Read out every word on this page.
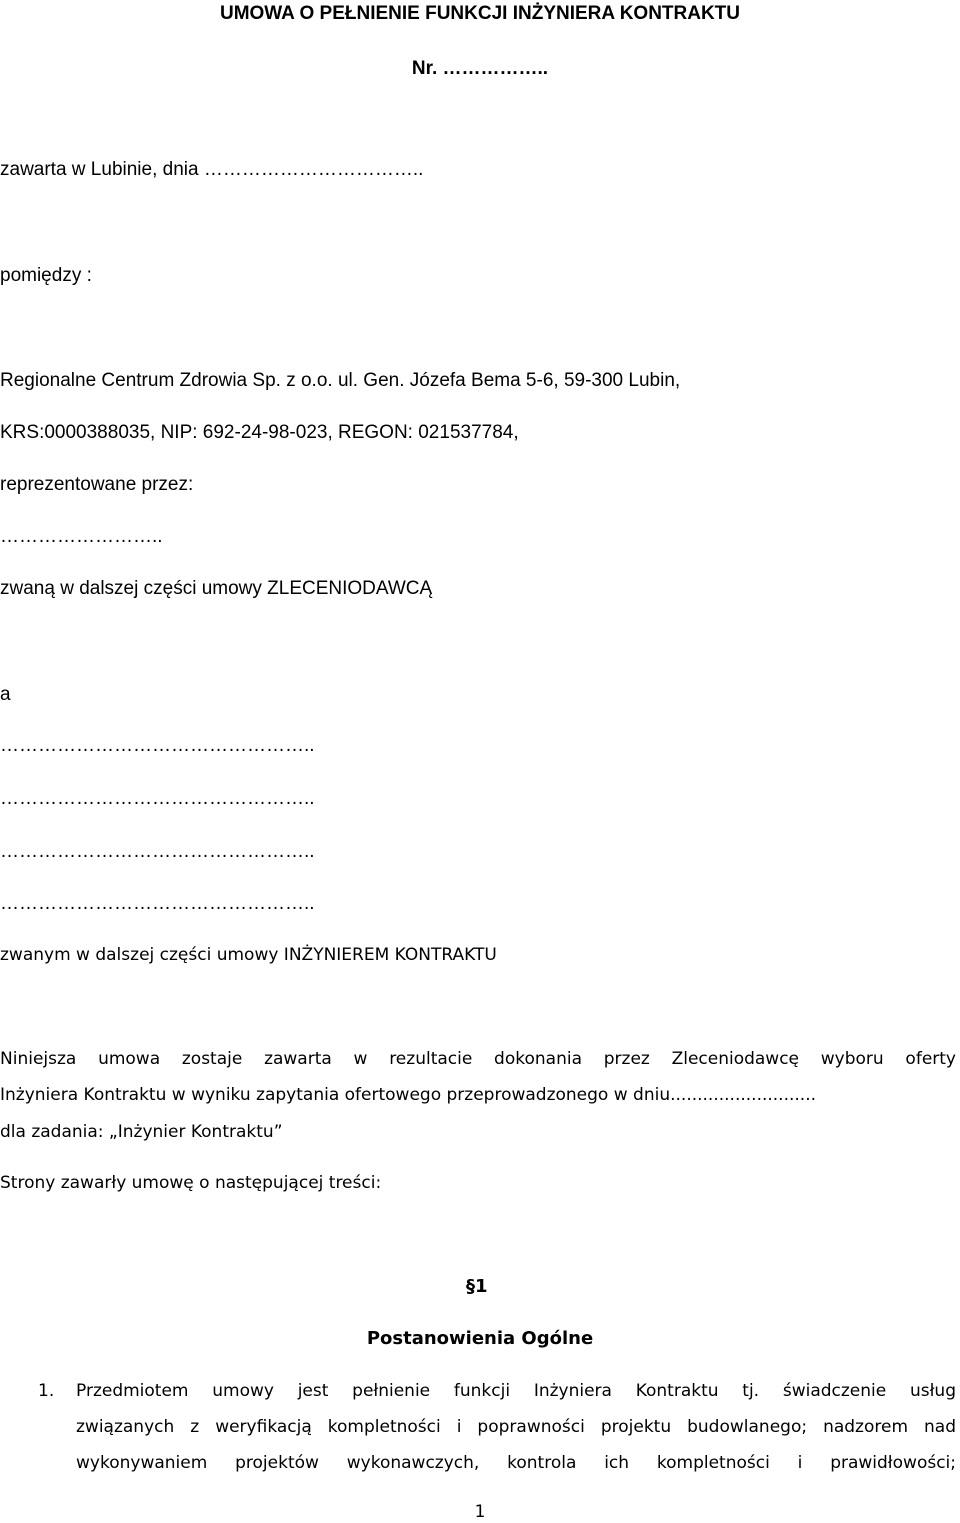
UMOWA O PEŁNIENIE FUNKCJI INŻYNIERA KONTRAKTU
Nr. ……………..
zawarta w Lubinie, dnia ……………………………..
pomiędzy :
Regionalne Centrum Zdrowia Sp. z o.o. ul. Gen. Józefa Bema 5-6, 59-300 Lubin,
KRS:0000388035, NIP: 692-24-98-023, REGON: 021537784,
reprezentowane przez:
……………………..
zwaną w dalszej części umowy ZLECENIODAWCĄ
a
…………………………………………..
…………………………………………..
…………………………………………..
…………………………………………..
zwanym w dalszej części umowy INŻYNIEREM KONTRAKTU
Niniejsza umowa zostaje zawarta w rezultacie dokonania przez Zleceniodawcę wyboru oferty
Inżyniera Kontraktu w wyniku zapytania ofertowego przeprowadzonego w dniu...........................
dla zadania: „Inżynier Kontraktu”
Strony zawarły umowę o następującej treści:
§1
Postanowienia Ogólne
1. Przedmiotem umowy jest pełnienie funkcji Inżyniera Kontraktu tj. świadczenie usług
związanych z weryfikacją kompletności i poprawności projektu budowlanego; nadzorem nad
wykonywaniem projektów wykonawczych, kontrola ich kompletności i prawidłowości;
1
